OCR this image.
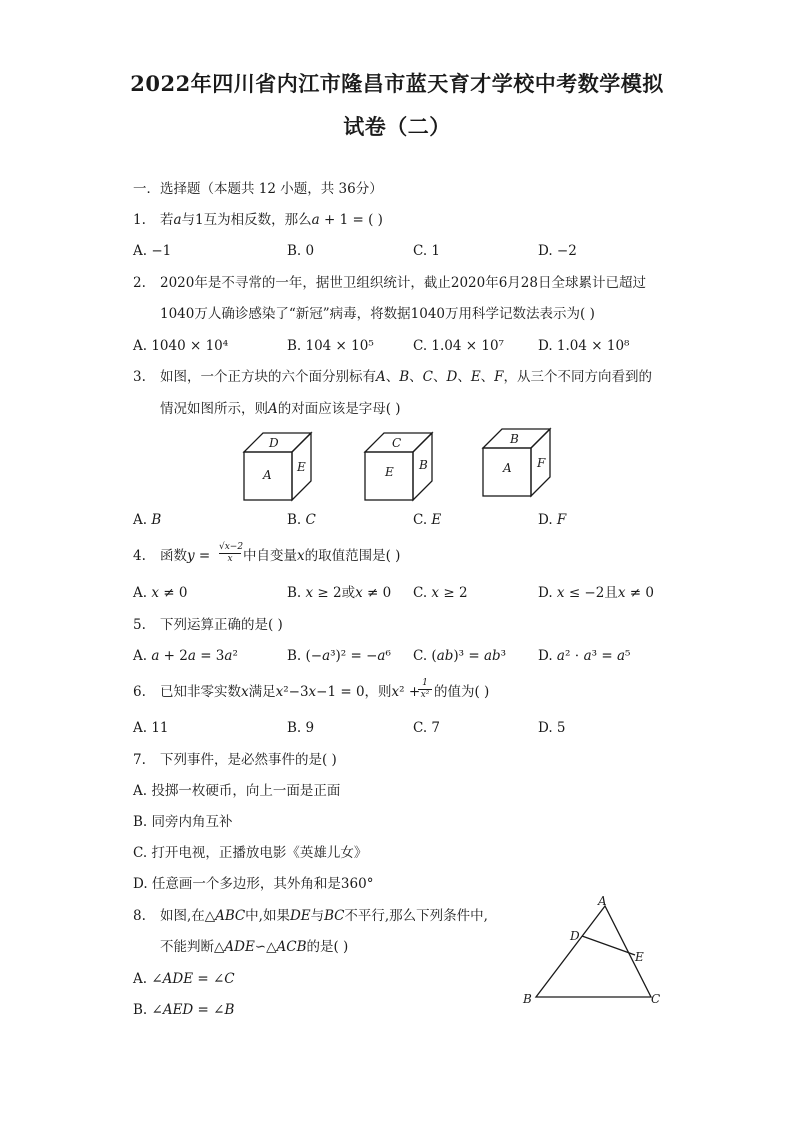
2022年四川省内江市隆昌市蓝天育才学校中考数学模拟
试卷（二）
一．选择题（本题共 12 小题，共 36分）
1. 若𝑎与1互为相反数，那么𝑎 + 1 = ( )
A. −1	B. 0	C. 1	D. −2
2. 2020年是不寻常的一年，据世卫组织统计，截止2020年6月28日全球累计已超过
1040万人确诊感染了“新冠”病毒，将数据1040万用科学记数法表示为( )
A. 1040 × 10⁴	B. 104 × 10⁵	C. 1.04 × 10⁷	D. 1.04 × 10⁸
3. 如图，一个正方块的六个面分别标有𝐴、𝐵、𝐶、𝐷、𝐸、𝐹，从三个不同方向看到的
情况如图所示，则𝐴的对面应该是字母( )
D
A
E
C
E B
B
A F
A. 𝐵	B. 𝐶	C. 𝐸	D. 𝐹
4. 函数𝑦 =
√𝑥−2
𝑥 中自变量𝑥的取值范围是( )
A. 𝑥 ≠ 0	B. 𝑥 ≥ 2或𝑥 ≠ 0 C. 𝑥 ≥ 2	D. 𝑥 ≤ −2且𝑥 ≠ 0
5. 下列运算正确的是( )
A. 𝑎 + 2𝑎 = 3𝑎²	B. (−𝑎³)² = −𝑎⁶ C. (𝑎𝑏)³ = 𝑎𝑏³ D. 𝑎² ⋅ 𝑎³ = 𝑎⁵
6. 已知非零实数𝑥满足𝑥²−3𝑥−1 = 0，则𝑥² +
1
𝑥² 的值为( )
A. 11	B. 9	C. 7	D. 5
7. 下列事件，是必然事件的是( )
A. 投掷一枚硬币，向上一面是正面
B. 同旁内角互补
C. 打开电视，正播放电影《英雄儿女》
D. 任意画一个多边形，其外角和是360°
8. 如图,在△𝐴𝐵𝐶中,如果𝐷𝐸与𝐵𝐶不平行,那么下列条件中,
不能判断△𝐴𝐷𝐸∽△𝐴𝐶𝐵的是( )
A. ∠𝐴𝐷𝐸 = ∠𝐶
B. ∠𝐴𝐸𝐷 = ∠𝐵
A
B	C
D
E
